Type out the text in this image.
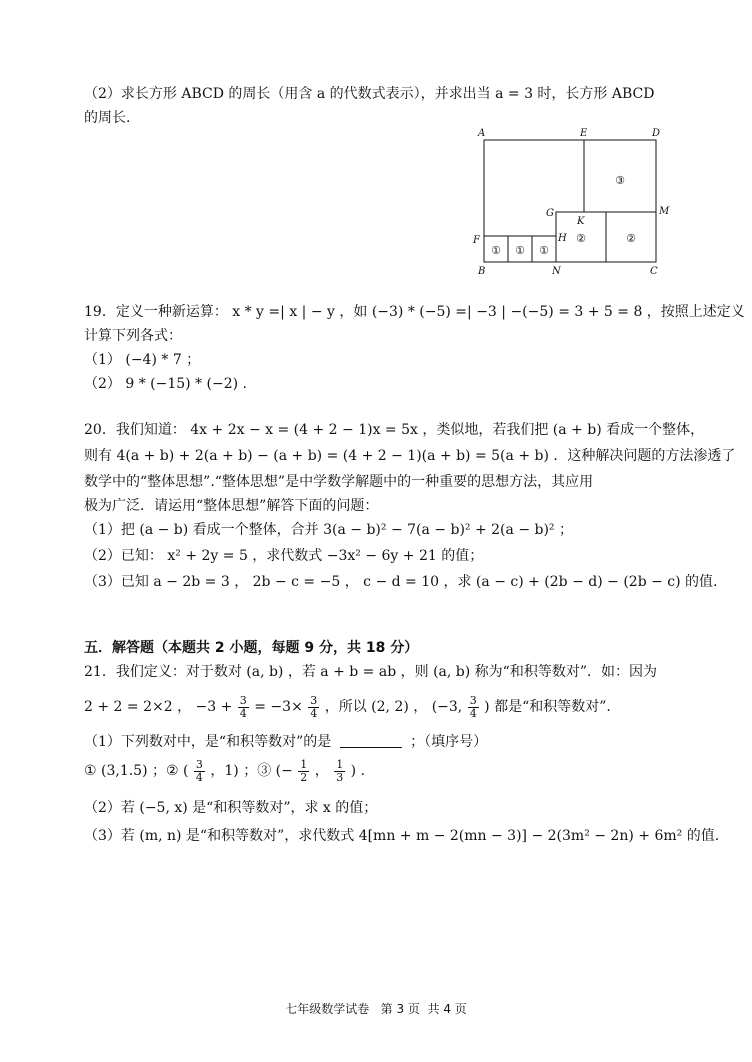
（2）求长方形 ABCD 的周长（用含 a 的代数式表示），并求出当 a = 3 时，长方形 ABCD
的周长.
A	E	D
G	M
K
F	H
B	N	C
③
②	②
① ① ①
19．定义一种新运算： x * y =| x | − y ，如 (−3) * (−5) =| −3 | −(−5) = 3 + 5 = 8 ，按照上述定义
计算下列各式：
（1） (−4) * 7 ；
（2） 9 * (−15) * (−2) .
20．我们知道： 4x + 2x − x = (4 + 2 − 1)x = 5x ，类似地，若我们把 (a + b) 看成一个整体，
则有 4(a + b) + 2(a + b) − (a + b) = (4 + 2 − 1)(a + b) = 5(a + b) ．这种解决问题的方法渗透了
数学中的“整体思想”.“整体思想”是中学数学解题中的一种重要的思想方法，其应用
极为广泛．请运用“整体思想”解答下面的问题：
（1）把 (a − b) 看成一个整体，合并 3(a − b)² − 7(a − b)² + 2(a − b)² ；
（2）已知： x² + 2y = 5 ，求代数式 −3x² − 6y + 21 的值；
（3）已知 a − 2b = 3 ， 2b − c = −5 ， c − d = 10 ，求 (a − c) + (2b − d) − (2b − c) 的值.
五．解答题（本题共 2 小题，每题 9 分，共 18 分）
21．我们定义：对于数对 (a, b) ，若 a + b = ab ，则 (a, b) 称为“和积等数对”．如：因为
2 + 2 = 2×2 ， $-3 + \frac{3}{4} = -3\times \frac{3}{4}$ ，所以 (2, 2) ， (−3, $\frac{3}{4}$ ) 都是“和积等数对”.
（1）下列数对中，是“和积等数对”的是	；（填序号）
① (3,1.5) ；② ( $\frac{3}{4}$ ，1) ；③ (− $\frac{1}{2}$ ， $\frac{1}{3}$ ) .
（2）若 (−5, x) 是“和积等数对”，求 x 的值；
（3）若 (m, n) 是“和积等数对”，求代数式 4[mn + m − 2(mn − 3)] − 2(3m² − 2n) + 6m² 的值.
七年级数学试卷   第 3 页  共 4 页
